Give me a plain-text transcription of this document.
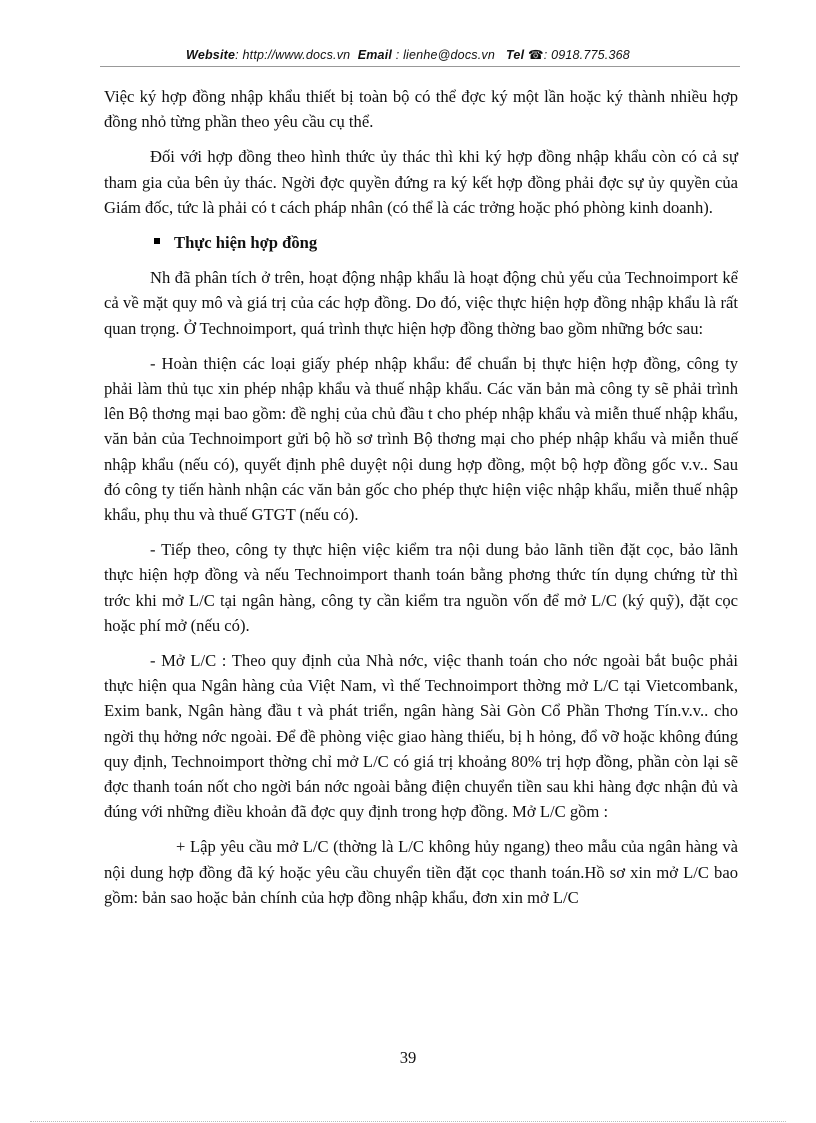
Website: http://www.docs.vn Email : lienhe@docs.vn Tel ☎: 0918.775.368

Việc ký hợp đồng nhập khẩu thiết bị toàn bộ có thể đợc ký một lần hoặc ký thành nhiều hợp đồng nhỏ từng phần theo yêu cầu cụ thể.

Đối với hợp đồng theo hình thức ủy thác thì khi ký hợp đồng nhập khẩu còn có cả sự tham gia của bên ủy thác. Ngời đợc quyền đứng ra ký kết hợp đồng phải đợc sự ủy quyền của Giám đốc, tức là phải có t cách pháp nhân (có thể là các trởng hoặc phó phòng kinh doanh).

Thực hiện hợp đồng

Nh đã phân tích ở trên, hoạt động nhập khẩu là hoạt động chủ yếu của Technoimport kể cả về mặt quy mô và giá trị của các hợp đồng. Do đó, việc thực hiện hợp đồng nhập khẩu là rất quan trọng. Ở Technoimport, quá trình thực hiện hợp đồng thờng bao gồm những bớc sau:

- Hoàn thiện các loại giấy phép nhập khẩu: để chuẩn bị thực hiện hợp đồng, công ty phải làm thủ tục xin phép nhập khẩu và thuế nhập khẩu. Các văn bản mà công ty sẽ phải trình lên Bộ thơng mại bao gồm: đề nghị của chủ đầu t cho phép nhập khẩu và miễn thuế nhập khẩu, văn bản của Technoimport gửi bộ hồ sơ trình Bộ thơng mại cho phép nhập khẩu và miễn thuế nhập khẩu (nếu có), quyết định phê duyệt nội dung hợp đồng, một bộ hợp đồng gốc v.v.. Sau đó công ty tiến hành nhận các văn bản gốc cho phép thực hiện việc nhập khẩu, miễn thuế nhập khẩu, phụ thu và thuế GTGT (nếu có).

- Tiếp theo, công ty thực hiện việc kiểm tra nội dung bảo lãnh tiền đặt cọc, bảo lãnh thực hiện hợp đồng và nếu Technoimport thanh toán bằng phơng thức tín dụng chứng từ thì trớc khi mở L/C tại ngân hàng, công ty cần kiểm tra nguồn vốn để mở L/C (ký quỹ), đặt cọc hoặc phí mở (nếu có).

- Mở L/C : Theo quy định của Nhà nớc, việc thanh toán cho nớc ngoài bắt buộc phải thực hiện qua Ngân hàng của Việt Nam, vì thế Technoimport thờng mở L/C tại Vietcombank, Exim bank, Ngân hàng đầu t và phát triển, ngân hàng Sài Gòn Cổ Phần Thơng Tín.v.v.. cho ngời thụ hởng nớc ngoài. Để đề phòng việc giao hàng thiếu, bị h hỏng, đổ vỡ hoặc không đúng quy định, Technoimport thờng chỉ mở L/C có giá trị khoảng 80% trị hợp đồng, phần còn lại sẽ đợc thanh toán nốt cho ngời bán nớc ngoài bằng điện chuyển tiền sau khi hàng đợc nhận đủ và đúng với những điều khoản đã đợc quy định trong hợp đồng. Mở L/C gồm :

+ Lập yêu cầu mở L/C (thờng là L/C không hủy ngang) theo mẫu của ngân hàng và nội dung hợp đồng đã ký hoặc yêu cầu chuyển tiền đặt cọc thanh toán.Hồ sơ xin mở L/C bao gồm: bản sao hoặc bản chính của hợp đồng nhập khẩu, đơn xin mở L/C

39
